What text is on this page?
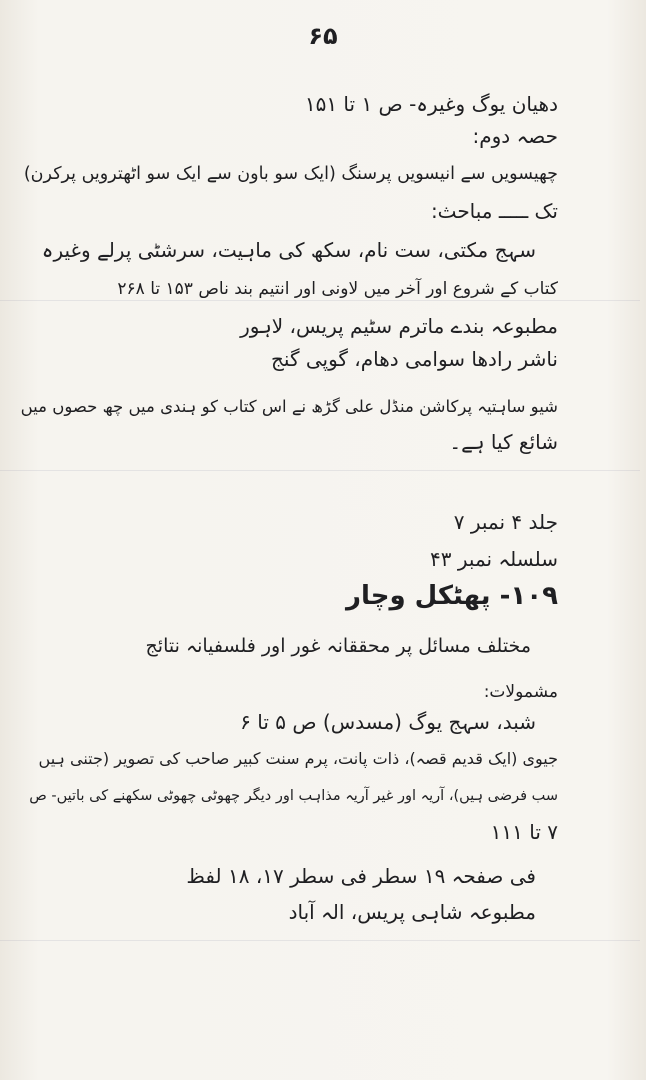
۶۵
دھیان یوگ وغیرہ- ص ۱ تا ۱۵۱
حصہ دوم:
چھیسویں سے انیسویں پرسنگ (ایک سو باون سے ایک سو اٹھترویں پرکرن)
تک ـــــ مباحث:
سہج مکتی، ست نام، سکھ کی ماہیت، سرشٹی پرلے وغیرہ
کتاب کے شروع اور آخر میں لاونی اور انتیم بند ناص ۱۵۳ تا ۲۶۸
مطبوعہ بندے ماترم سٹیم پریس، لاہور
ناشر رادھا سوامی دھام، گوپی گنج
شیو ساہتیہ پرکاشن منڈل علی گڑھ نے اس کتاب کو ہندی میں چھ حصوں میں
شائع کیا ہے۔
جلد ۴ نمبر ۷
سلسلہ نمبر ۴۳
۱۰۹- پھٹکل وچار
مختلف مسائل پر محققانہ غور اور فلسفیانہ نتائج
مشمولات:
شبد، سہج یوگ (مسدس) ص ۵ تا ۶
جیوی (ایک قدیم قصہ)، ذات پانت، پرم سنت کبیر صاحب کی تصویر (جتنی ہیں
سب فرضی ہیں)، آریہ اور غیر آریہ مذاہب اور دیگر چھوٹی چھوٹی سکھنے کی باتیں- ص
۷ تا ۱۱۱
فی صفحہ ۱۹ سطر فی سطر ۱۷، ۱۸ لفظ
مطبوعہ شاہی پریس، الہ آباد
